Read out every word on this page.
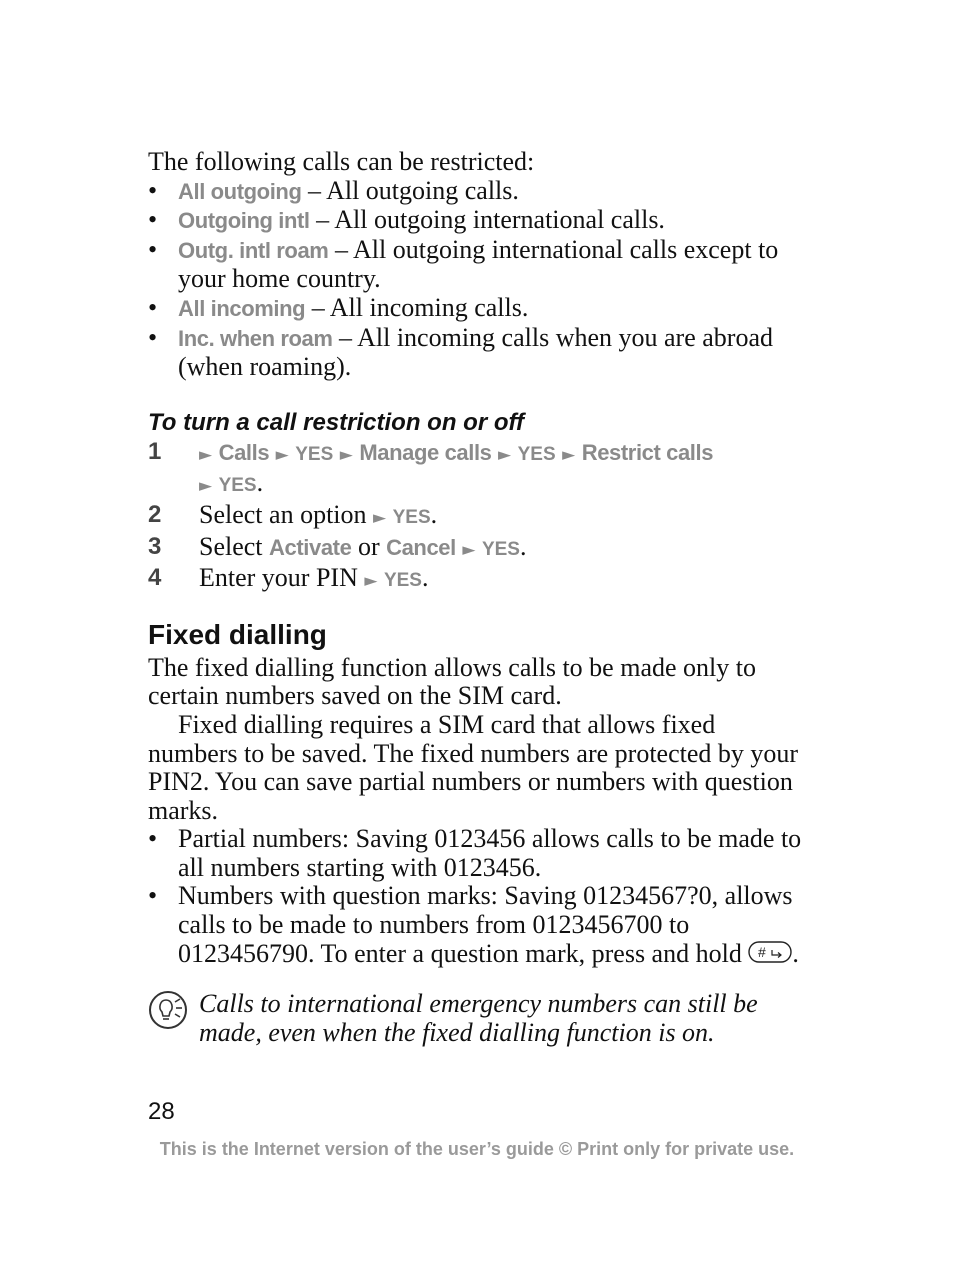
The following calls can be restricted:

• All outgoing – All outgoing calls.
• Outgoing intl – All outgoing international calls.
• Outg. intl roam – All outgoing international calls except to your home country.
• All incoming – All incoming calls.
• Inc. when roam – All incoming calls when you are abroad (when roaming).
To turn a call restriction on or off
1 ► Calls ► YES ► Manage calls ► YES ► Restrict calls
► YES.
2 Select an option ► YES.
3 Select Activate or Cancel ► YES.
4 Enter your PIN ► YES.
Fixed dialling

The fixed dialling function allows calls to be made only to certain numbers saved on the SIM card.

Fixed dialling requires a SIM card that allows fixed numbers to be saved. The fixed numbers are protected by your PIN2. You can save partial numbers or numbers with question marks.

• Partial numbers: Saving 0123456 allows calls to be made to all numbers starting with 0123456.
• Numbers with question marks: Saving 01234567?0, allows calls to be made to numbers from 0123456700 to 0123456790. To enter a question mark, press and hold # .
Calls to international emergency numbers can still be made, even when the fixed dialling function is on.
28
This is the Internet version of the user’s guide © Print only for private use.
